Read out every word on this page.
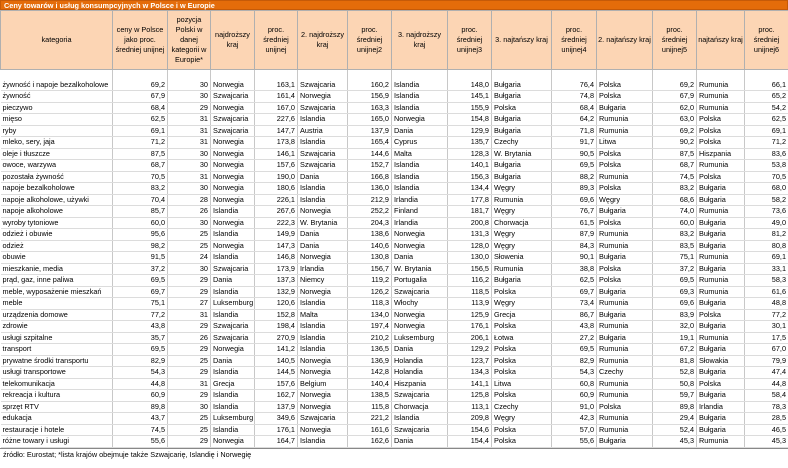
Ceny towarów i usług konsumpcyjnych w Polsce i w Europie
kategoria	ceny w Polsce jako proc. średniej unijnej	pozycja Polski w danej kategorii w Europie*	najdroższy kraj	proc. średniej unijnej	2. najdroższy kraj	proc. średniej unijnej2	3. najdroższy kraj	proc. średniej unijnej3	3. najtańszy kraj	proc. średniej unijnej4	2. najtańszy kraj	proc. średniej unijnej5	najtańszy kraj	proc. średniej unijnej6
żywność i napoje bezalkoholowe	69,2	30	Norwegia	163,1	Szwajcaria	160,2	Islandia	148,0	Bułgaria	76,4	Polska	69,2	Rumunia	66,1
żywność	67,9	30	Szwajcaria	161,4	Norwegia	156,9	Islandia	145,1	Bułgaria	74,8	Polska	67,9	Rumunia	65,2
pieczywo	68,4	29	Norwegia	167,0	Szwajcaria	163,3	Islandia	155,9	Polska	68,4	Bułgaria	62,0	Rumunia	54,2
mięso	62,5	31	Szwajcaria	227,6	Islandia	165,0	Norwegia	154,8	Bułgaria	64,2	Rumunia	63,0	Polska	62,5
ryby	69,1	31	Szwajcaria	147,7	Austria	137,9	Dania	129,9	Bułgaria	71,8	Rumunia	69,2	Polska	69,1
mleko, sery, jaja	71,2	31	Norwegia	173,8	Islandia	165,4	Cyprus	135,7	Czechy	91,7	Litwa	90,2	Polska	71,2
oleje i tłuszcze	87,5	30	Norwegia	146,1	Szwajcaria	144,6	Malta	128,3	W. Brytania	90,5	Polska	87,5	Hiszpania	83,6
owoce, warzywa	68,7	30	Norwegia	157,6	Szwajcaria	152,7	Islandia	140,1	Bułgaria	69,5	Polska	68,7	Rumunia	53,8
pozostała żywność	70,5	31	Norwegia	190,0	Dania	166,8	Islandia	156,3	Bułgaria	88,2	Rumunia	74,5	Polska	70,5
napoje bezalkoholowe	83,2	30	Norwegia	180,6	Islandia	136,0	Islandia	134,4	Węgry	89,3	Polska	83,2	Bułgaria	68,0
napoje alkoholowe, używki	70,4	28	Norwegia	226,1	Islandia	212,9	Irlandia	177,8	Rumunia	69,6	Węgry	68,6	Bułgaria	58,2
napoje alkoholowe	85,7	26	Islandia	267,6	Norwegia	252,2	Finland	181,7	Węgry	76,7	Bułgaria	74,0	Rumunia	73,6
wyroby tytoniowe	60,0	30	Norwegia	222,3	W. Brytania	204,3	Irlandia	200,8	Chorwacja	61,5	Polska	60,0	Bułgaria	49,0
odzież i obuwie	95,6	25	Islandia	149,9	Dania	138,6	Norwegia	131,3	Węgry	87,9	Rumunia	83,2	Bułgaria	81,2
odzież	98,2	25	Norwegia	147,3	Dania	140,6	Norwegia	128,0	Węgry	84,3	Rumunia	83,5	Bułgaria	80,8
obuwie	91,5	24	Islandia	146,8	Norwegia	130,8	Dania	130,0	Słowenia	90,1	Bułgaria	75,1	Rumunia	69,1
mieszkanie, media	37,2	30	Szwajcaria	173,9	Irlandia	156,7	W. Brytania	156,5	Rumunia	38,8	Polska	37,2	Bułgaria	33,1
prąd, gaz, inne paliwa	69,5	29	Dania	137,3	Niemcy	119,2	Portugalia	116,2	Bułgaria	62,5	Polska	69,5	Rumunia	58,3
meble, wyposażenie mieszkań	69,7	29	Islandia	132,9	Norwegia	126,2	Szwajcaria	118,5	Polska	69,7	Bułgaria	69,3	Rumunia	61,6
meble	75,1	27	Luksemburg	120,6	Islandia	118,3	Włochy	113,9	Węgry	73,4	Rumunia	69,6	Bułgaria	48,8
urządzenia domowe	77,2	31	Islandia	152,8	Malta	134,0	Norwegia	125,9	Grecja	86,7	Bułgaria	83,9	Polska	77,2
zdrowie	43,8	29	Szwajcaria	198,4	Islandia	197,4	Norwegia	176,1	Polska	43,8	Rumunia	32,0	Bułgaria	30,1
usługi szpitalne	35,7	26	Szwajcaria	270,9	Islandia	210,2	Luksemburg	206,1	Łotwa	27,2	Bułgaria	19,1	Rumunia	17,5
transport	69,5	29	Norwegia	141,2	Islandia	136,5	Dania	129,2	Polska	69,5	Rumunia	67,2	Bułgaria	67,0
prywatne środki transportu	82,9	25	Dania	140,5	Norwegia	136,9	Holandia	123,7	Polska	82,9	Rumunia	81,8	Słowakia	79,9
usługi transportowe	54,3	29	Islandia	144,5	Norwegia	142,8	Holandia	134,3	Polska	54,3	Czechy	52,8	Bułgaria	47,4
telekomunikacja	44,8	31	Grecja	157,6	Belgium	140,4	Hiszpania	141,1	Litwa	60,8	Rumunia	50,8	Polska	44,8
rekreacja i kultura	60,9	29	Islandia	162,7	Norwegia	138,5	Szwajcaria	125,8	Polska	60,9	Rumunia	59,7	Bułgaria	58,4
sprzęt RTV	89,8	30	Islandia	137,9	Norwegia	115,8	Chorwacja	113,1	Czechy	91,0	Polska	89,8	Irlandia	78,3
edukacja	43,7	25	Luksemburg	349,6	Szwajcaria	221,2	Islandia	209,8	Węgry	42,3	Rumunia	29,4	Bułgaria	28,5
restauracje i hotele	74,5	25	Islandia	176,1	Norwegia	161,6	Szwajcaria	154,6	Polska	57,0	Rumunia	52,4	Bułgaria	46,5
różne towary i usługi	55,6	29	Norwegia	164,7	Islandia	162,6	Dania	154,4	Polska	55,6	Bułgaria	45,3	Rumunia	45,3
źródło: Eurostat; *lista krajów obejmuje także Szwajcarię, Islandię i Norwegię
